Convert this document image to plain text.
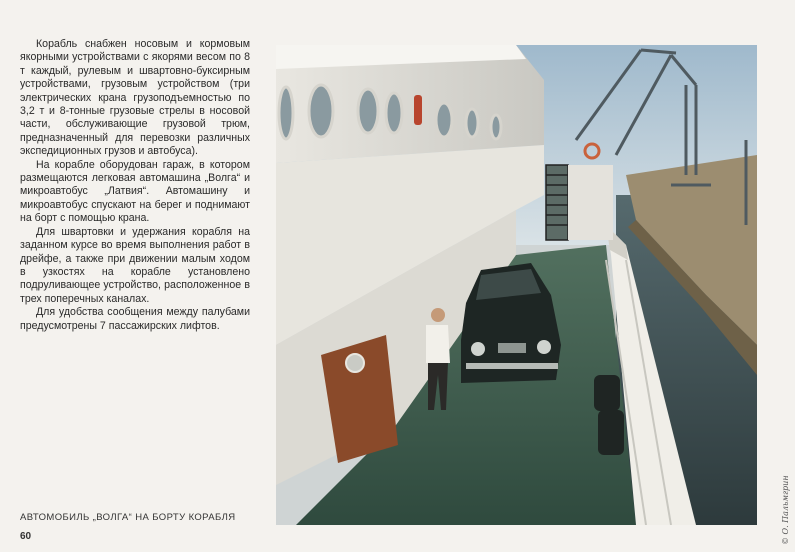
Корабль снабжен носовым и кормовым якорными устройствами с якорями весом по 8 т каждый, рулевым и швартовно-буксирным устройствами, грузовым устройством (три электрических крана грузоподъемностью по 3,2 т и 8-тонные грузовые стрелы в носовой части, обслуживающие грузовой трюм, предназначенный для перевозки различных экспедиционных грузов и автобуса).

На корабле оборудован гараж, в котором размещаются легковая автомашина „Волга“ и микроавтобус „Латвия“. Автомашину и микроавтобус спускают на берег и поднимают на борт с помощью крана.

Для швартовки и удержания корабля на заданном курсе во время выполнения работ в дрейфе, а также при движении малым ходом в узкостях на корабле установлено подруливающее устройство, расположенное в трех поперечных каналах.

Для удобства сообщения между палубами предусмотрены 7 пассажирских лифтов.

АВТОМОБИЛЬ „ВОЛГА“ НА БОРТУ КОРАБЛЯ
60	© О. Пальмгрин
